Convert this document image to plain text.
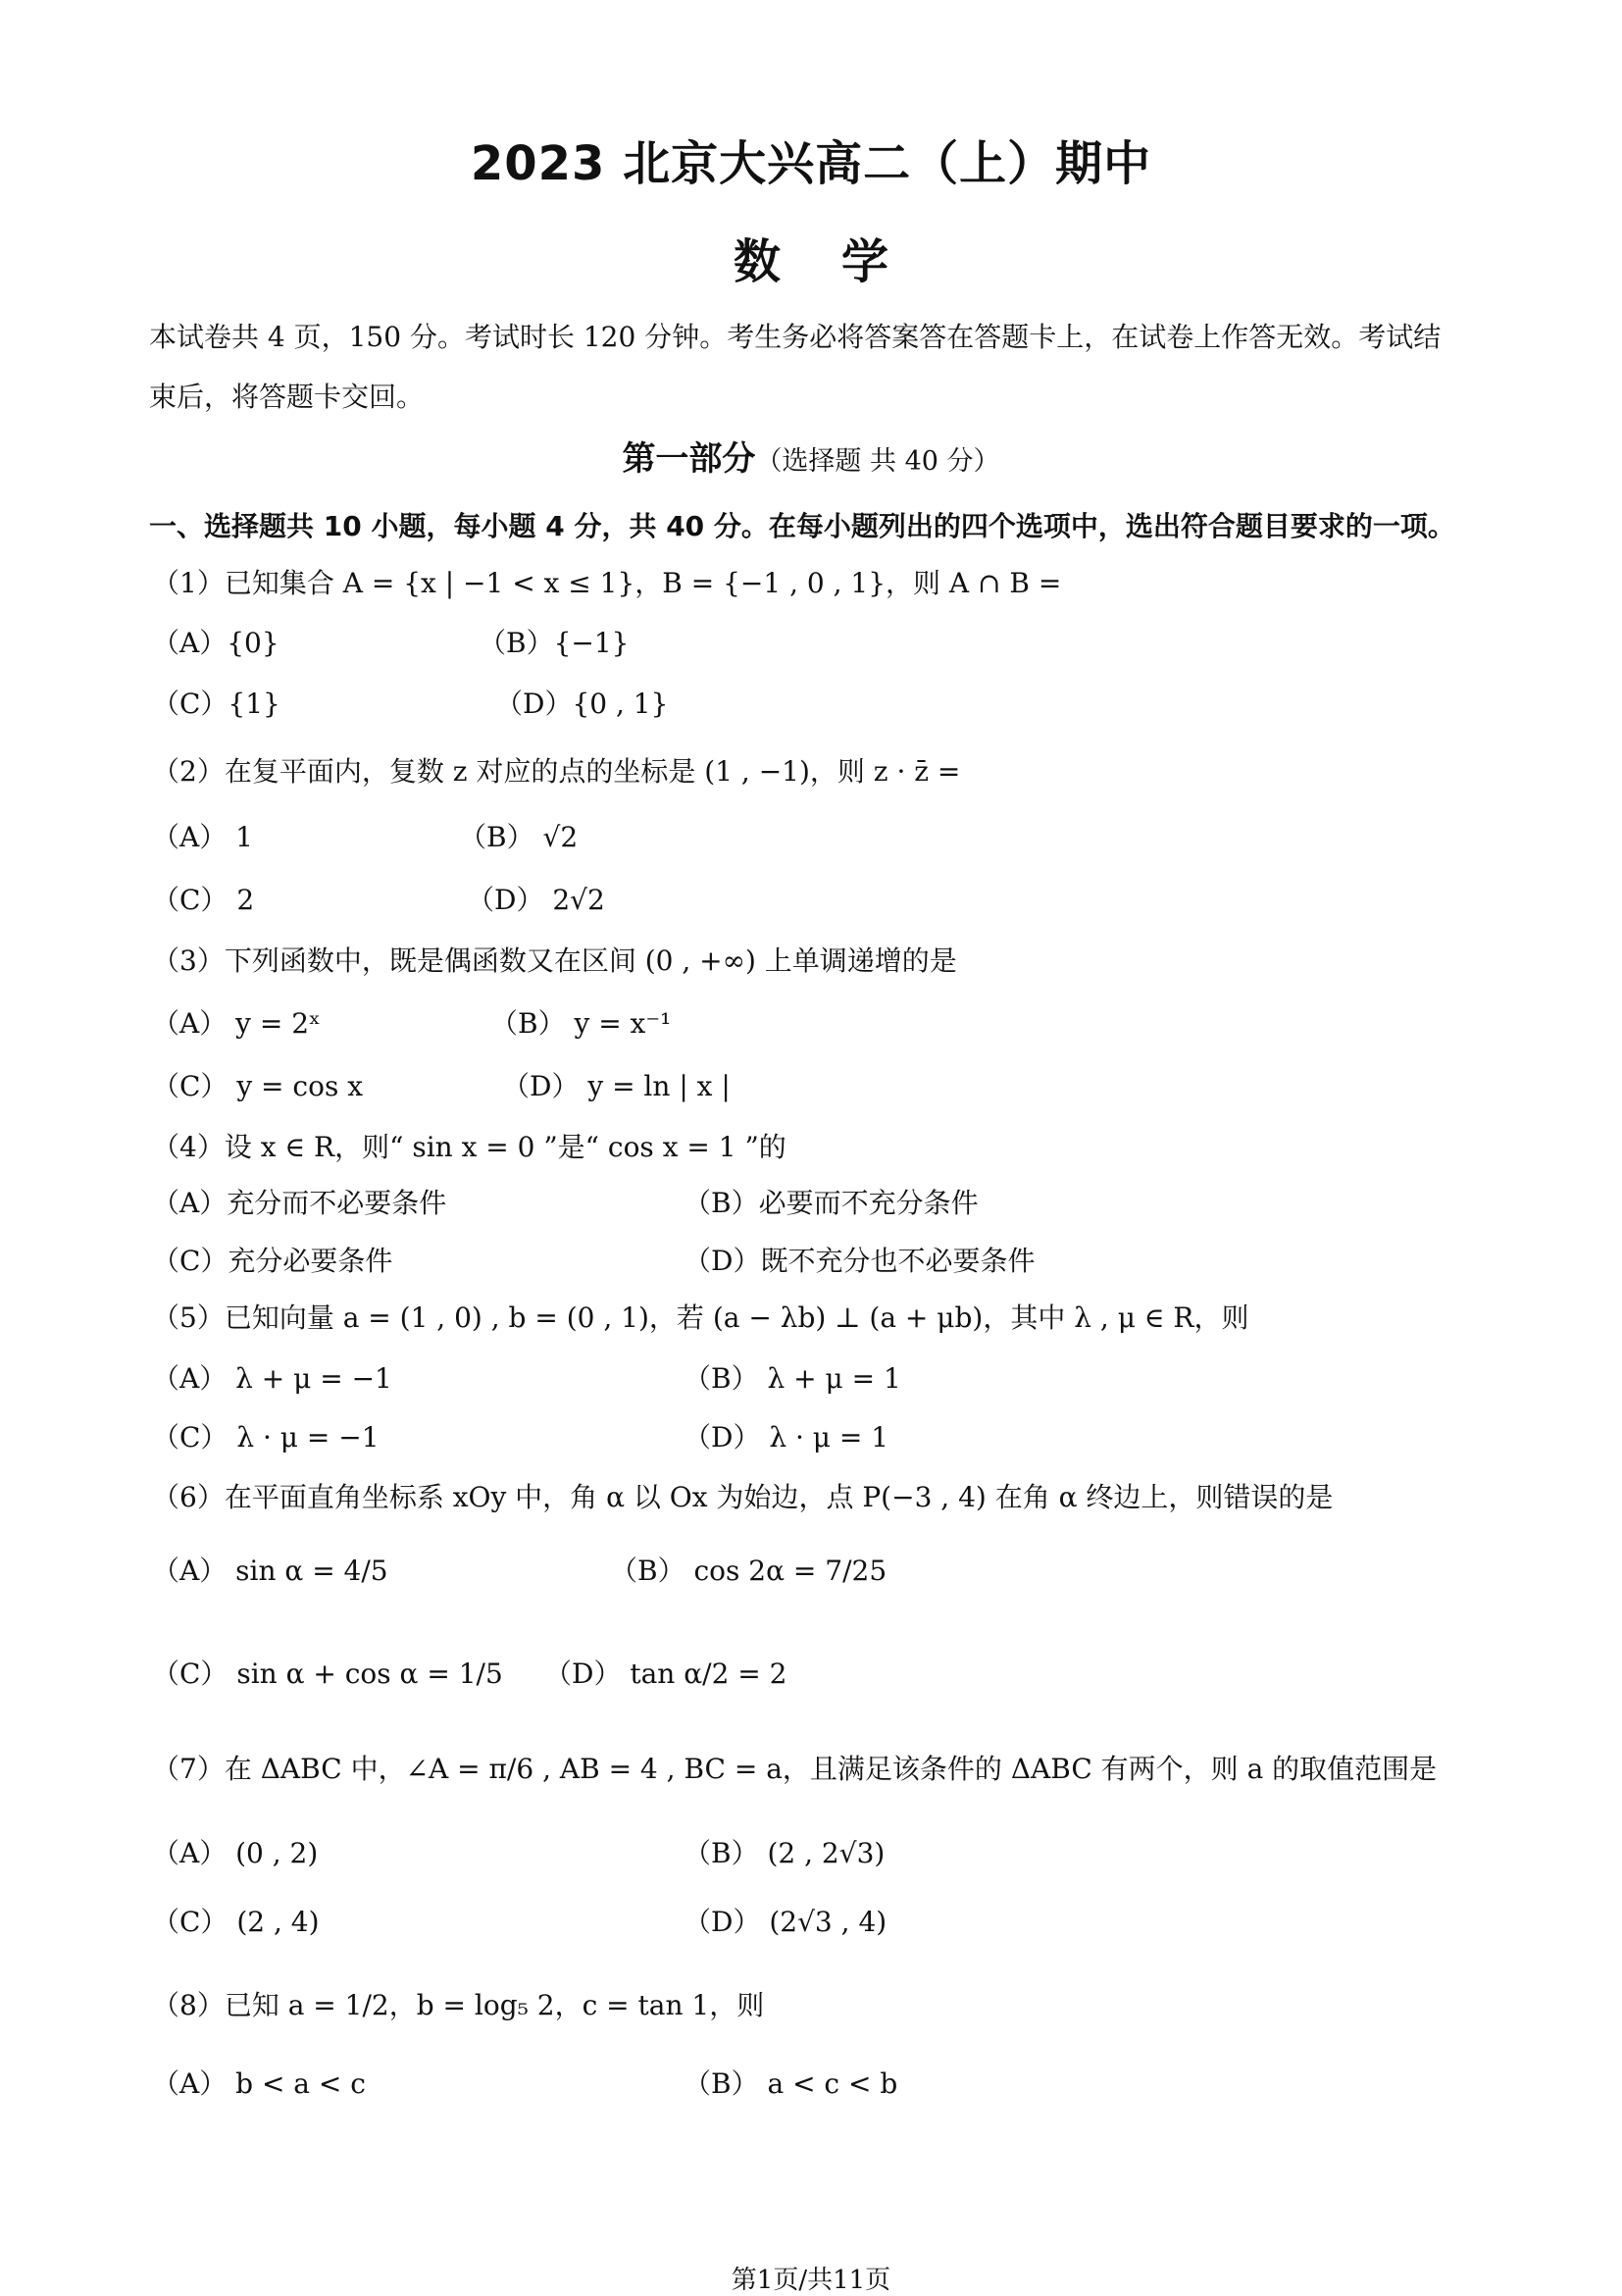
2023 北京大兴高二（上）期中
数学
本试卷共 4 页，150 分。考试时长 120 分钟。考生务必将答案答在答题卡上，在试卷上作答无效。考试结
束后，将答题卡交回。
第一部分（选择题 共 40 分）
一、选择题共 10 小题，每小题 4 分，共 40 分。在每小题列出的四个选项中，选出符合题目要求的一项。
（1）已知集合 A = {x | −1 < x ≤ 1}，B = {−1 , 0 , 1}，则 A ∩ B =
（A）{0}	（B）{−1}
（C）{1}	（D）{0 , 1}
（2）在复平面内，复数 z 对应的点的坐标是 (1 , −1)，则 z · z̄ =
（A） 1	（B） √2
（C） 2	（D） 2√2
（3）下列函数中，既是偶函数又在区间 (0 , +∞) 上单调递增的是
（A） y = 2ˣ	（B） y = x⁻¹
（C） y = cos x	（D） y = ln | x |
（4）设 x ∈ R，则“ sin x = 0 ”是“ cos x = 1 ”的
（A）充分而不必要条件	（B）必要而不充分条件
（C）充分必要条件	（D）既不充分也不必要条件
（5）已知向量 a = (1 , 0) , b = (0 , 1)，若 (a − λb) ⊥ (a + μb)，其中 λ , μ ∈ R，则
（A） λ + μ = −1	（B） λ + μ = 1
（C） λ · μ = −1	（D） λ · μ = 1
（6）在平面直角坐标系 xOy 中，角 α 以 Ox 为始边，点 P(−3 , 4) 在角 α 终边上，则错误的是
（A） sin α = 4/5	（B） cos 2α = 7/25
（C） sin α + cos α = 1/5 （D） tan α/2 = 2
（7）在 ΔABC 中，∠A = π/6 , AB = 4 , BC = a，且满足该条件的 ΔABC 有两个，则 a 的取值范围是
（A） (0 , 2)	（B） (2 , 2√3)
（C） (2 , 4)	（D） (2√3 , 4)
（8）已知 a = 1/2，b = log₅ 2，c = tan 1，则
（A） b < a < c	（B） a < c < b
第1页/共11页
